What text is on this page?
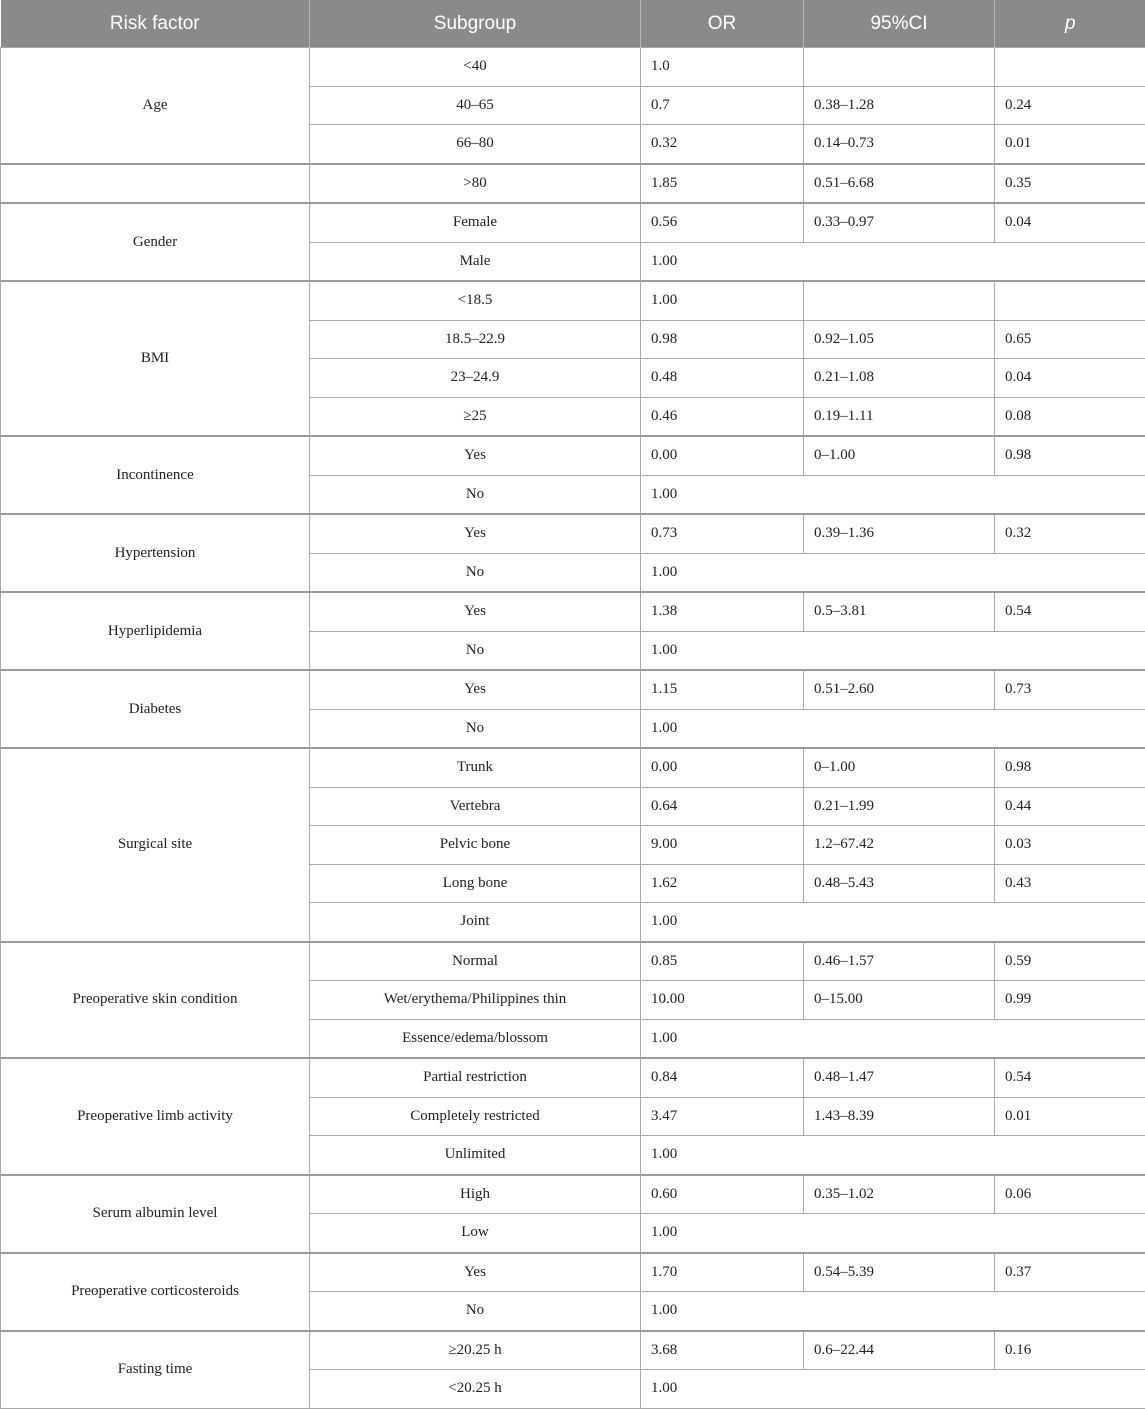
Risk factor	Subgroup	OR	95%CI	p
Age	<40	1.0		
	40–65	0.7	0.38–1.28	0.24
	66–80	0.32	0.14–0.73	0.01
	>80	1.85	0.51–6.68	0.35
Gender	Female	0.56	0.33–0.97	0.04
	Male	1.00		
BMI	<18.5	1.00		
	18.5–22.9	0.98	0.92–1.05	0.65
	23–24.9	0.48	0.21–1.08	0.04
	≥25	0.46	0.19–1.11	0.08
Incontinence	Yes	0.00	0–1.00	0.98
	No	1.00		
Hypertension	Yes	0.73	0.39–1.36	0.32
	No	1.00		
Hyperlipidemia	Yes	1.38	0.5–3.81	0.54
	No	1.00		
Diabetes	Yes	1.15	0.51–2.60	0.73
	No	1.00		
Surgical site	Trunk	0.00	0–1.00	0.98
	Vertebra	0.64	0.21–1.99	0.44
	Pelvic bone	9.00	1.2–67.42	0.03
	Long bone	1.62	0.48–5.43	0.43
	Joint	1.00		
Preoperative skin condition	Normal	0.85	0.46–1.57	0.59
	Wet/erythema/Philippines thin	10.00	0–15.00	0.99
	Essence/edema/blossom	1.00		
Preoperative limb activity	Partial restriction	0.84	0.48–1.47	0.54
	Completely restricted	3.47	1.43–8.39	0.01
	Unlimited	1.00		
Serum albumin level	High	0.60	0.35–1.02	0.06
	Low	1.00		
Preoperative corticosteroids	Yes	1.70	0.54–5.39	0.37
	No	1.00		
Fasting time	≥20.25 h	3.68	0.6–22.44	0.16
	<20.25 h	1.00		
